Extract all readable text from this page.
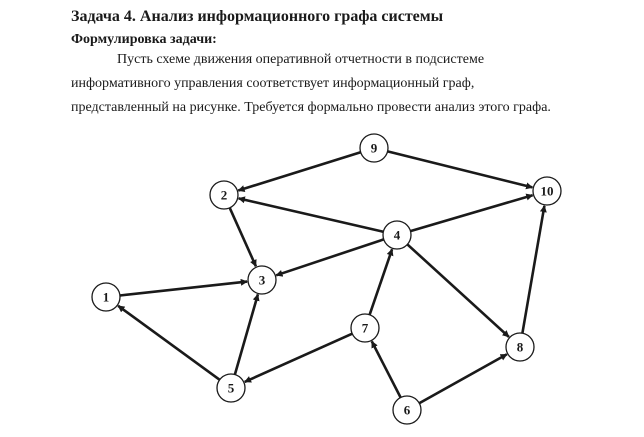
Задача 4. Анализ информационного графа системы
Формулировка задачи:
Пусть схеме движения оперативной отчетности в подсистеме
информативного управления соответствует информационный граф,
представленный на рисунке. Требуется формально провести анализ этого графа.
1
2
3
4
5
6
7
8
9
10
